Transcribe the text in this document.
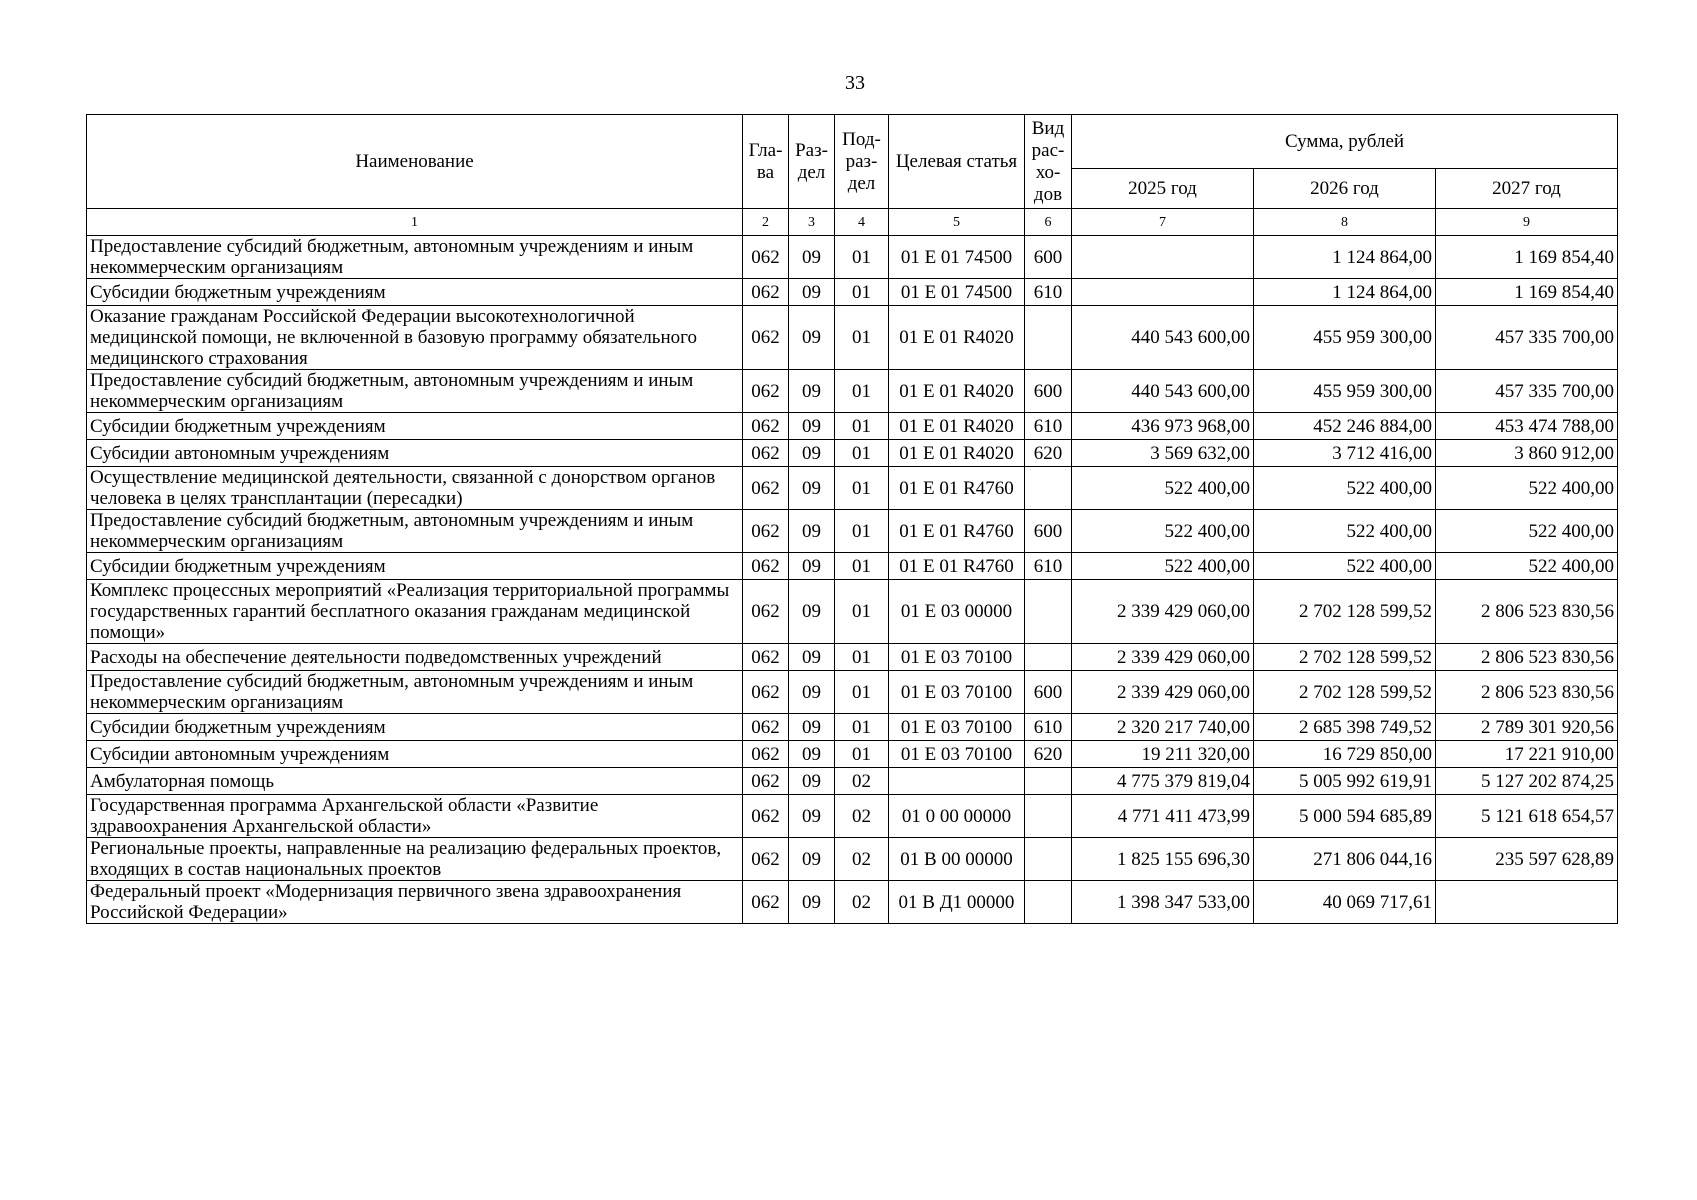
33
Наименование	Гла- ва	Раз- дел	Под- раз- дел	Целевая статья	Вид рас- хо- дов	Сумма, рублей		
						2025 год	2026 год	2027 год
1	2	3	4	5	6	7	8	9
Предоставление субсидий бюджетным, автономным учреждениям и иным некоммерческим организациям	062	09	01	01 Е 01 74500	600		1 124 864,00	1 169 854,40
Субсидии бюджетным учреждениям	062	09	01	01 Е 01 74500	610		1 124 864,00	1 169 854,40
Оказание гражданам Российской Федерации высокотехнологичной медицинской помощи, не включенной в базовую программу обязательного медицинского страхования	062	09	01	01 Е 01 R4020		440 543 600,00	455 959 300,00	457 335 700,00
Предоставление субсидий бюджетным, автономным учреждениям и иным некоммерческим организациям	062	09	01	01 Е 01 R4020	600	440 543 600,00	455 959 300,00	457 335 700,00
Субсидии бюджетным учреждениям	062	09	01	01 Е 01 R4020	610	436 973 968,00	452 246 884,00	453 474 788,00
Субсидии автономным учреждениям	062	09	01	01 Е 01 R4020	620	3 569 632,00	3 712 416,00	3 860 912,00
Осуществление медицинской деятельности, связанной с донорством органов человека в целях трансплантации (пересадки)	062	09	01	01 Е 01 R4760		522 400,00	522 400,00	522 400,00
Предоставление субсидий бюджетным, автономным учреждениям и иным некоммерческим организациям	062	09	01	01 Е 01 R4760	600	522 400,00	522 400,00	522 400,00
Субсидии бюджетным учреждениям	062	09	01	01 Е 01 R4760	610	522 400,00	522 400,00	522 400,00
Комплекс процессных мероприятий «Реализация территориальной программы государственных гарантий бесплатного оказания гражданам медицинской помощи»	062	09	01	01 Е 03 00000		2 339 429 060,00	2 702 128 599,52	2 806 523 830,56
Расходы на обеспечение деятельности подведомственных учреждений	062	09	01	01 Е 03 70100		2 339 429 060,00	2 702 128 599,52	2 806 523 830,56
Предоставление субсидий бюджетным, автономным учреждениям и иным некоммерческим организациям	062	09	01	01 Е 03 70100	600	2 339 429 060,00	2 702 128 599,52	2 806 523 830,56
Субсидии бюджетным учреждениям	062	09	01	01 Е 03 70100	610	2 320 217 740,00	2 685 398 749,52	2 789 301 920,56
Субсидии автономным учреждениям	062	09	01	01 Е 03 70100	620	19 211 320,00	16 729 850,00	17 221 910,00
Амбулаторная помощь	062	09	02			4 775 379 819,04	5 005 992 619,91	5 127 202 874,25
Государственная программа Архангельской области «Развитие здравоохранения Архангельской области»	062	09	02	01 0 00 00000		4 771 411 473,99	5 000 594 685,89	5 121 618 654,57
Региональные проекты, направленные на реализацию федеральных проектов, входящих в состав национальных проектов	062	09	02	01 В 00 00000		1 825 155 696,30	271 806 044,16	235 597 628,89
Федеральный проект «Модернизация первичного звена здравоохранения Российской Федерации»	062	09	02	01 В Д1 00000		1 398 347 533,00	40 069 717,61	
